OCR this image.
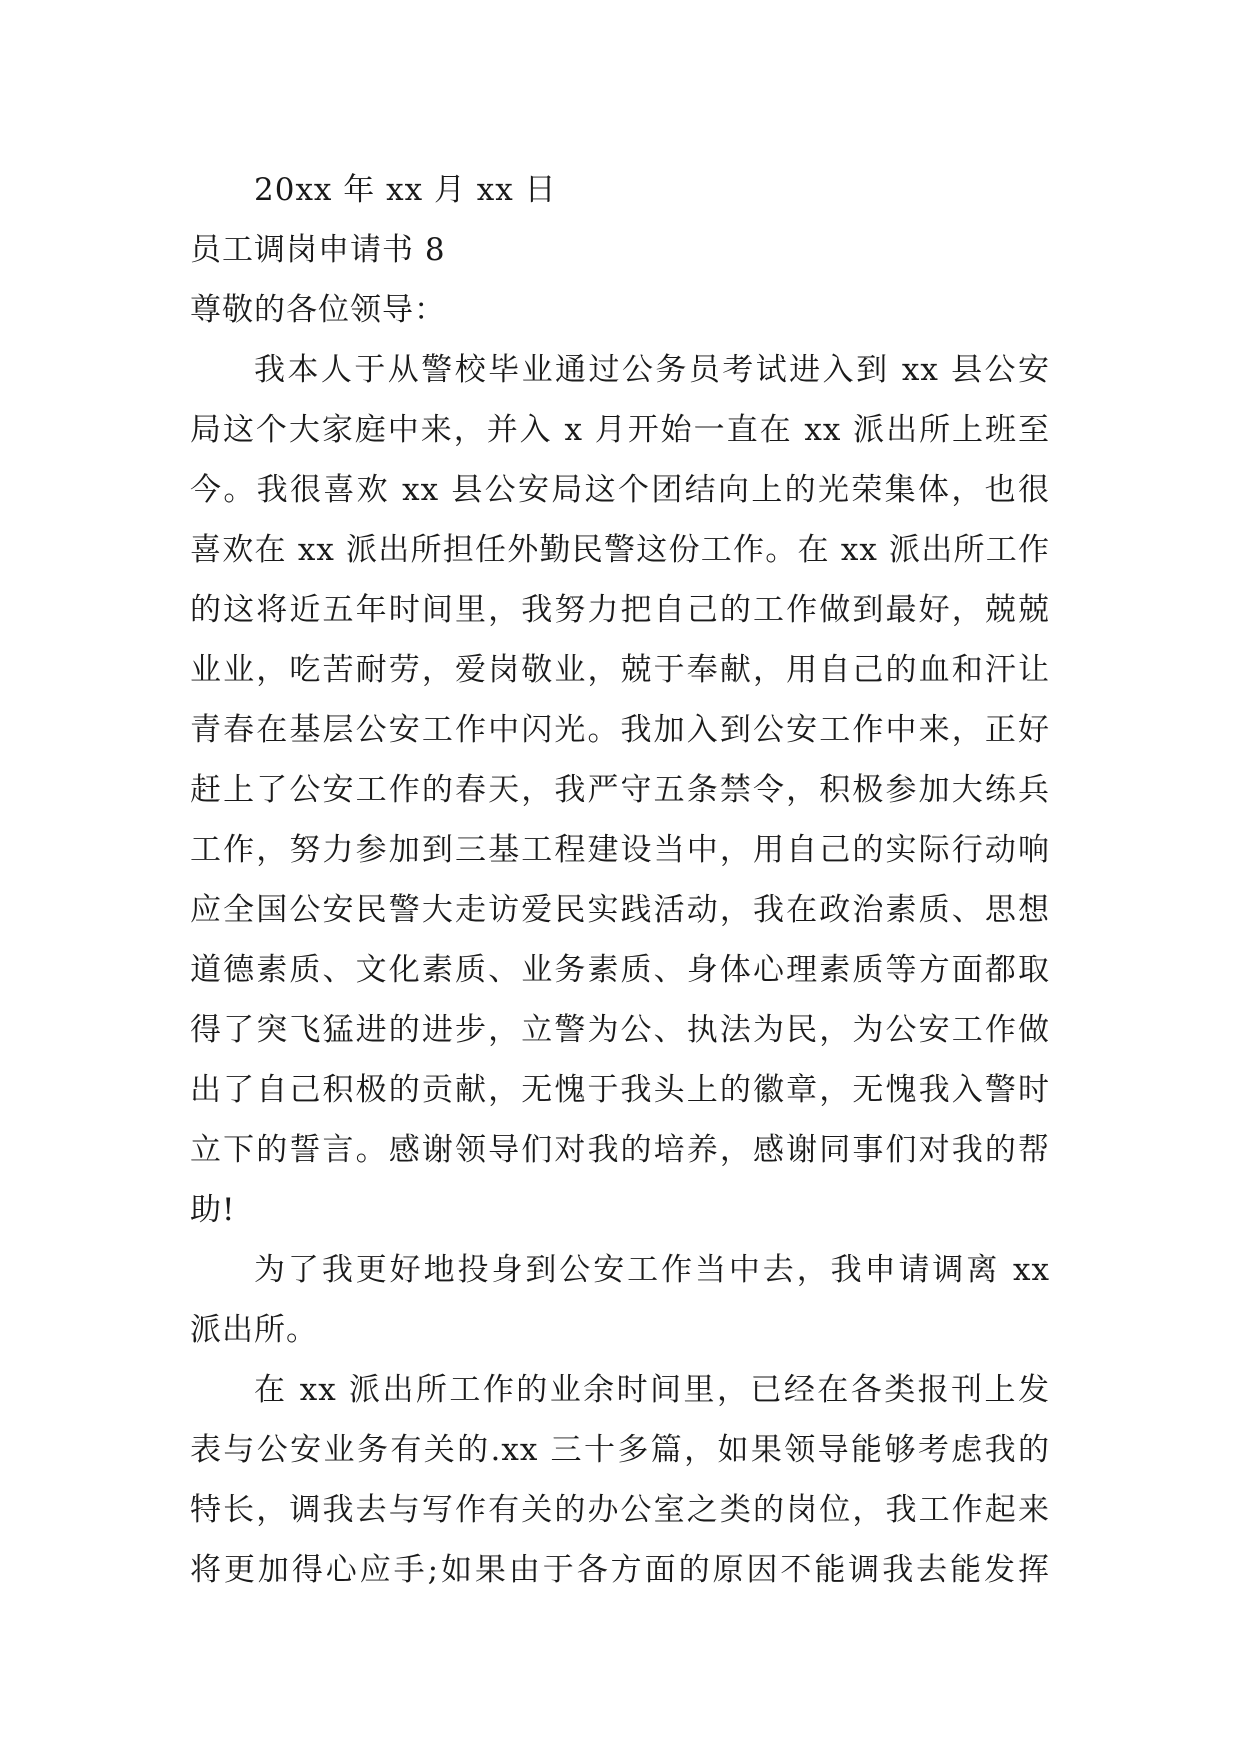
20xx 年 xx 月 xx 日

员工调岗申请书 8

尊敬的各位领导：

我本人于从警校毕业通过公务员考试进入到 xx 县公安

局这个大家庭中来，并入 x 月开始一直在 xx 派出所上班至

今。我很喜欢 xx 县公安局这个团结向上的光荣集体，也很

喜欢在 xx 派出所担任外勤民警这份工作。在 xx 派出所工作

的这将近五年时间里，我努力把自己的工作做到最好，兢兢

业业，吃苦耐劳，爱岗敬业，兢于奉献，用自己的血和汗让

青春在基层公安工作中闪光。我加入到公安工作中来，正好

赶上了公安工作的春天，我严守五条禁令，积极参加大练兵

工作，努力参加到三基工程建设当中，用自己的实际行动响

应全国公安民警大走访爱民实践活动，我在政治素质、思想

道德素质、文化素质、业务素质、身体心理素质等方面都取

得了突飞猛进的进步，立警为公、执法为民，为公安工作做

出了自己积极的贡献，无愧于我头上的徽章，无愧我入警时

立下的誓言。感谢领导们对我的培养，感谢同事们对我的帮

助!

为了我更好地投身到公安工作当中去，我申请调离 xx

派出所。

在 xx 派出所工作的业余时间里，已经在各类报刊上发

表与公安业务有关的.xx 三十多篇，如果领导能够考虑我的

特长，调我去与写作有关的办公室之类的岗位，我工作起来

将更加得心应手;如果由于各方面的原因不能调我去能发挥
